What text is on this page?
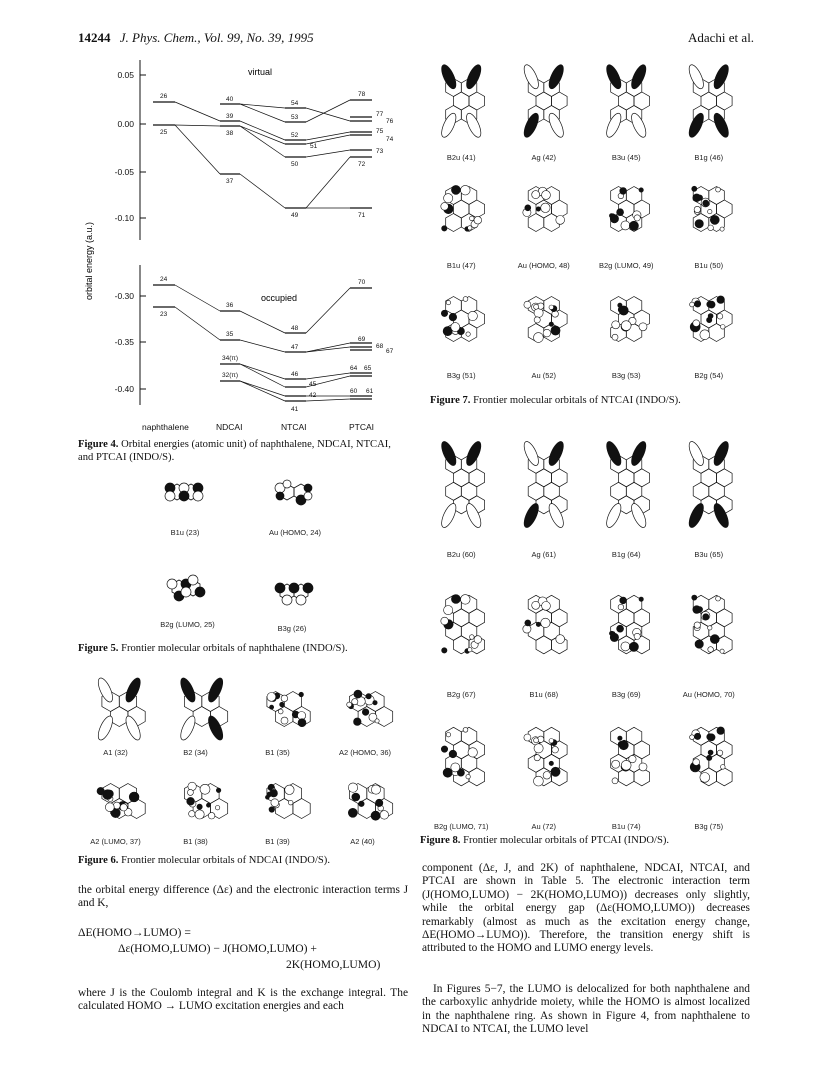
14244 J. Phys. Chem., Vol. 99, No. 39, 1995	Adachi et al.
0.05
0.00
-0.05
-0.10
-0.30
-0.35
-0.40
orbital energy (a.u.)
virtual
occupied
26
25
24
23
40
39
38
37
36
35
34(π)
32(π)
54
53
52
51
50
49
48
47
46
45
42
41
78
77
76
75
74
73
72
71
70
69
68
67
64 65
60 61
naphthalene	NDCAI	NTCAI	PTCAI
Figure 4. Orbital energies (atomic unit) of naphthalene, NDCAI, NTCAI, and PTCAI (INDO/S).
B1u (23)	Au (HOMO, 24)
B2g (LUMO, 25)	B3g (26)
Figure 5. Frontier molecular orbitals of naphthalene (INDO/S).
A1 (32)	B2 (34)	B1 (35)	A2 (HOMO, 36)
A2 (LUMO, 37)	B1 (38)	B1 (39)	A2 (40)
Figure 6. Frontier molecular orbitals of NDCAI (INDO/S).
the orbital energy difference (Δε) and the electronic interaction terms J and K,
ΔE(HOMO→LUMO) =
Δε(HOMO,LUMO) − J(HOMO,LUMO) +
2K(HOMO,LUMO)
where J is the Coulomb integral and K is the exchange integral. The calculated HOMO → LUMO excitation energies and each
B2u (41)	Ag (42)	B3u (45)	B1g (46)
B1u (47)	Au (HOMO, 48)	B2g (LUMO, 49)	B1u (50)
B3g (51)	Au (52)	B3g (53)	B2g (54)
Figure 7. Frontier molecular orbitals of NTCAI (INDO/S).
B2u (60)	Ag (61)	B1g (64)	B3u (65)
B2g (67)	B1u (68)	B3g (69)	Au (HOMO, 70)
B2g (LUMO, 71)	Au (72)	B1u (74)	B3g (75)
Figure 8. Frontier molecular orbitals of PTCAI (INDO/S).
component (Δε, J, and 2K) of naphthalene, NDCAI, NTCAI, and PTCAI are shown in Table 5. The electronic interaction term (J(HOMO,LUMO) − 2K(HOMO,LUMO)) decreases only slightly, while the orbital energy gap (Δε(HOMO,LUMO)) decreases remarkably (almost as much as the excitation energy change, ΔE(HOMO→LUMO)). Therefore, the transition energy shift is attributed to the HOMO and LUMO energy levels.
In Figures 5−7, the LUMO is delocalized for both naphthalene and the carboxylic anhydride moiety, while the HOMO is almost localized in the naphthalene ring. As shown in Figure 4, from naphthalene to NDCAI to NTCAI, the LUMO level
